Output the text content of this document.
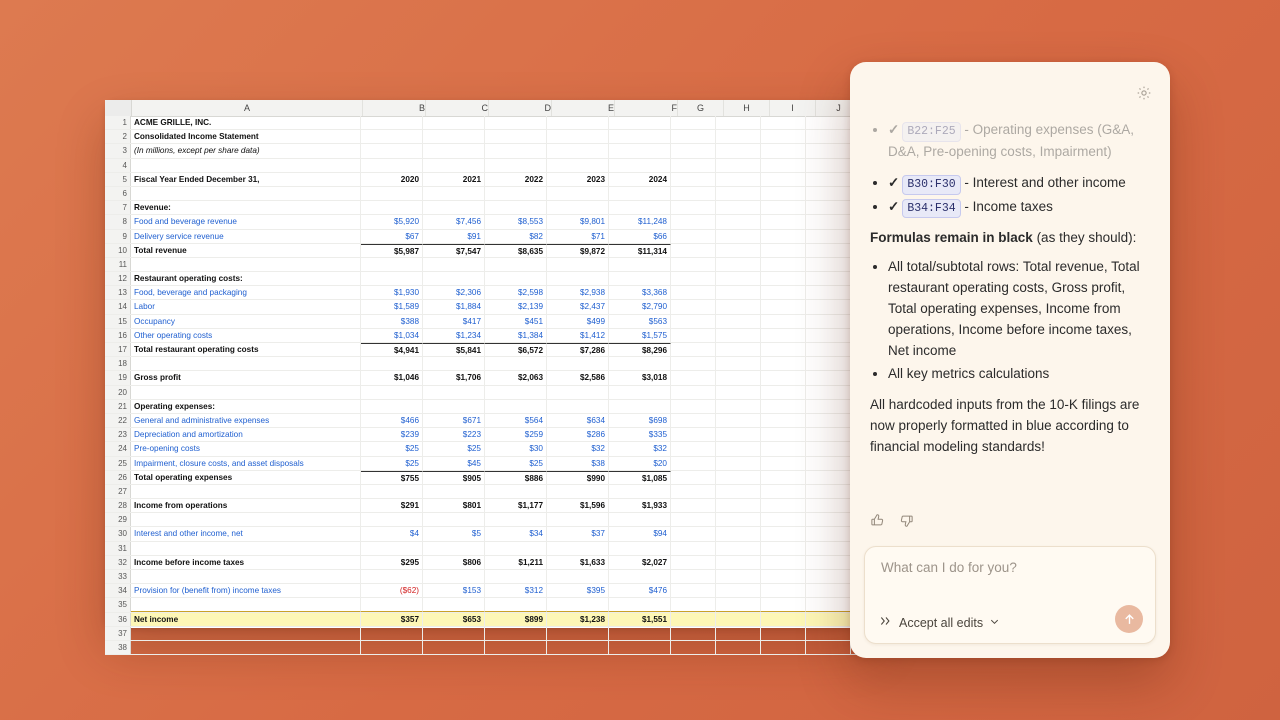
A	B	C	D	E	F	G	H	I	J
1 ACME GRILLE, INC.
2 Consolidated Income Statement
3 (In millions, except per share data)
4
5 Fiscal Year Ended December 31,	2020	2021	2022	2023	2024
6
7 Revenue:
8 Food and beverage revenue	$5,920	$7,456	$8,553	$9,801	$11,248
9 Delivery service revenue	$67	$91	$82	$71	$66
10 Total revenue	$5,987	$7,547	$8,635	$9,872	$11,314
11
12 Restaurant operating costs:
13 Food, beverage and packaging	$1,930	$2,306	$2,598	$2,938	$3,368
14 Labor	$1,589	$1,884	$2,139	$2,437	$2,790
15 Occupancy	$388	$417	$451	$499	$563
16 Other operating costs	$1,034	$1,234	$1,384	$1,412	$1,575
17 Total restaurant operating costs	$4,941	$5,841	$6,572	$7,286	$8,296
18
19 Gross profit	$1,046	$1,706	$2,063	$2,586	$3,018
20
21 Operating expenses:
22 General and administrative expenses	$466	$671	$564	$634	$698
23 Depreciation and amortization	$239	$223	$259	$286	$335
24 Pre-opening costs	$25	$25	$30	$32	$32
25 Impairment, closure costs, and asset disposals	$25	$45	$25	$38	$20
26 Total operating expenses	$755	$905	$886	$990	$1,085
27
28 Income from operations	$291	$801	$1,177	$1,596	$1,933
29
30 Interest and other income, net	$4	$5	$34	$37	$94
31
32 Income before income taxes	$295	$806	$1,211	$1,633	$2,027
33
34 Provision for (benefit from) income taxes	($62)	$153	$312	$395	$476
35
36 Net income	$357	$653	$899	$1,238	$1,551
37
38
• ✓ B22:F25 - Operating expenses (G&A, D&A, Pre-opening costs, Impairment)
• ✓ B30:F30 - Interest and other income
• ✓ B34:F34 - Income taxes
Formulas remain in black (as they should):
• All total/subtotal rows: Total revenue, Total restaurant operating costs, Gross profit, Total operating expenses, Income from operations, Income before income taxes, Net income
• All key metrics calculations
All hardcoded inputs from the 10-K filings are now properly formatted in blue according to financial modeling standards!
What can I do for you?
Accept all edits
